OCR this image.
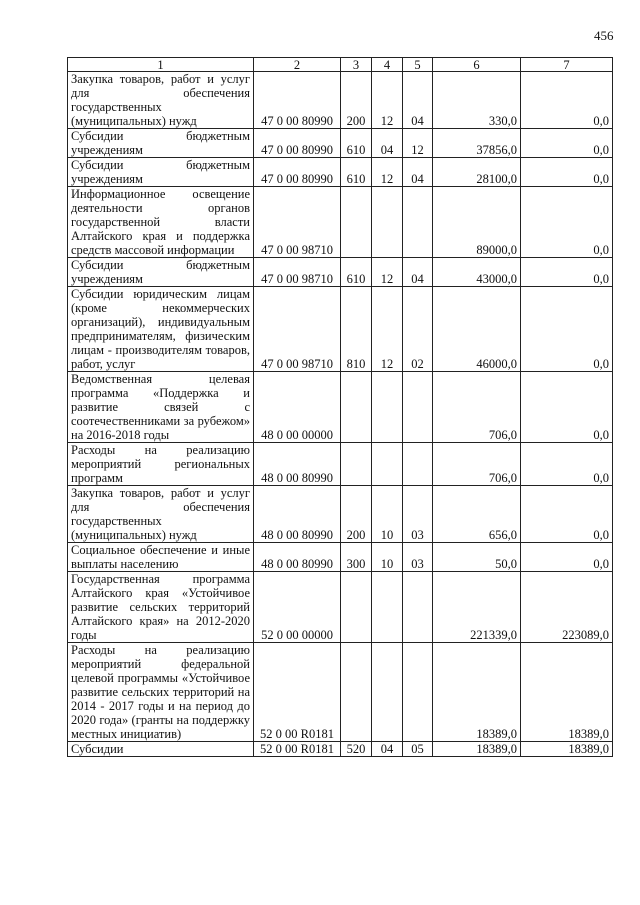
456
1	2	3	4	5	6	7
Закупка товаров, работ и услуг для обеспечения государственных (муниципальных) нужд	47 0 00 80990	200	12	04	330,0	0,0
Субсидии бюджетным учреждениям	47 0 00 80990	610	04	12	37856,0	0,0
Субсидии бюджетным учреждениям	47 0 00 80990	610	12	04	28100,0	0,0
Информационное освещение деятельности органов государственной власти Алтайского края и поддержка средств массовой информации	47 0 00 98710				89000,0	0,0
Субсидии бюджетным учреждениям	47 0 00 98710	610	12	04	43000,0	0,0
Субсидии юридическим лицам (кроме некоммерческих организаций), индивидуальным предпринимателям, физическим лицам - производителям товаров, работ, услуг	47 0 00 98710	810	12	02	46000,0	0,0
Ведомственная целевая программа «Поддержка и развитие связей с соотечественниками за рубежом» на 2016-2018 годы	48 0 00 00000				706,0	0,0
Расходы на реализацию мероприятий региональных программ	48 0 00 80990				706,0	0,0
Закупка товаров, работ и услуг для обеспечения государственных (муниципальных) нужд	48 0 00 80990	200	10	03	656,0	0,0
Социальное обеспечение и иные выплаты населению	48 0 00 80990	300	10	03	50,0	0,0
Государственная программа Алтайского края «Устойчивое развитие сельских территорий Алтайского края» на 2012-2020 годы	52 0 00 00000				221339,0	223089,0
Расходы на реализацию мероприятий федеральной целевой программы «Устойчивое развитие сельских территорий на 2014 - 2017 годы и на период до 2020 года» (гранты на поддержку местных инициатив)	52 0 00 R0181				18389,0	18389,0
Субсидии	52 0 00 R0181	520	04	05	18389,0	18389,0
